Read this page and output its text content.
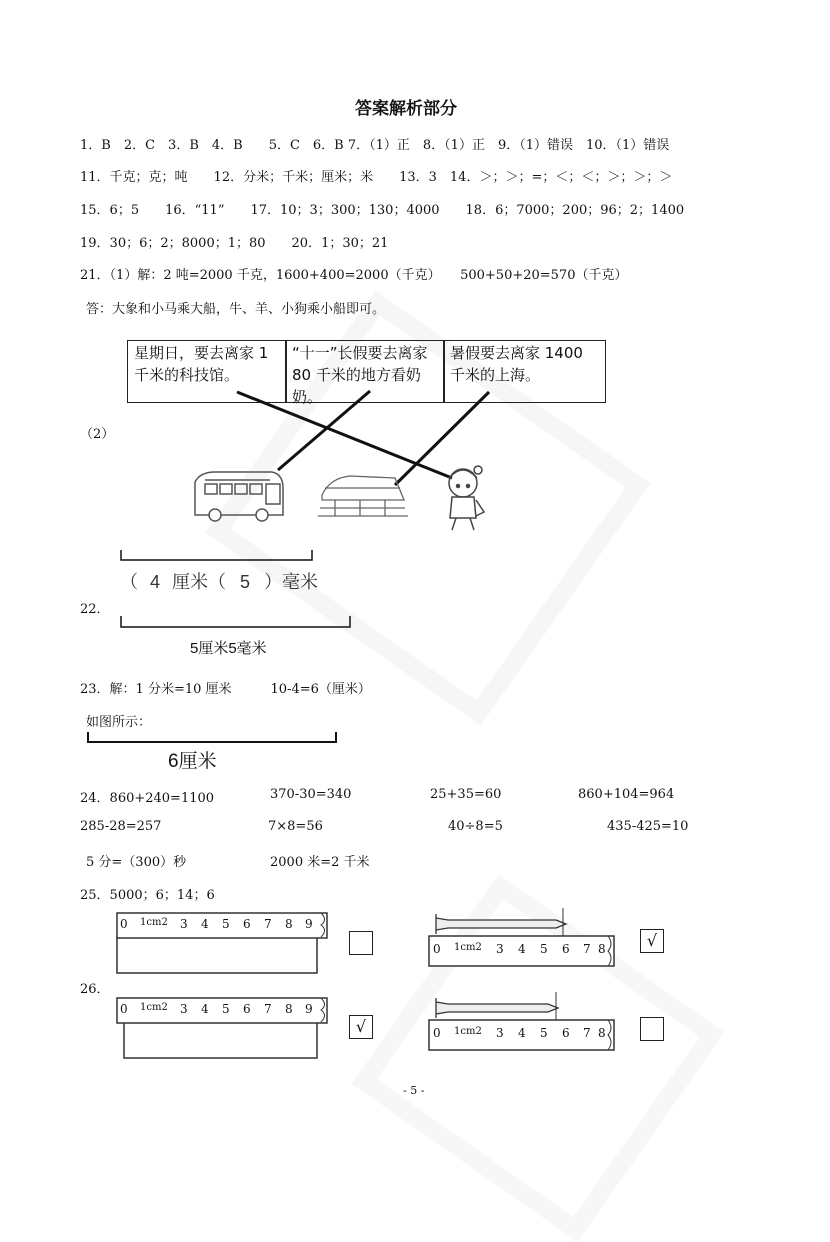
答案解析部分
1．B　2．C　3．B　4．B　　5．C　6．B 7．（1）正　8．（1）正　9．（1）错误　10．（1）错误
11．千克；克；吨　　12．分米；千米；厘米；米　　13．3　14．＞；＞；=；＜；＜；＞；＞；＞
15．6；5　　16．“11”　　17．10；3；300；130；4000　　18．6；7000；200；96；2；1400
19．30；6；2；8000；1；80　　20．1；30；21
21．（1）解：2 吨=2000 千克，1600+400=2000（千克）　　500+50+20=570（千克）
答：大象和小马乘大船，牛、羊、小狗乘小船即可。
星期日，要去离家 1 千米的科技馆。
“十一”长假要去离家 80 千米的地方看奶奶。
暑假要去离家 1400 千米的上海。
（2）
（ 4 厘米（ 5 ）毫米
22．
5厘米5毫米
23．解：1 分米=10 厘米　　　10-4=6（厘米）
如图所示：
6厘米
24．860+240=1100	370-30=340	25+35=60	860+104=964
285-28=257	7×8=56	40÷8=5	435-425=10
5 分=（300）秒	2000 米=2 千米
25．5000；6；14；6
0 1cm2 3 4 5 6 7 8 9
0 1cm2 3 4 5 6 7 8	√
26．
0 1cm2 3 4 5 6 7 8 9
√	0 1cm2 3 4 5 6 7 8
- 5 -
